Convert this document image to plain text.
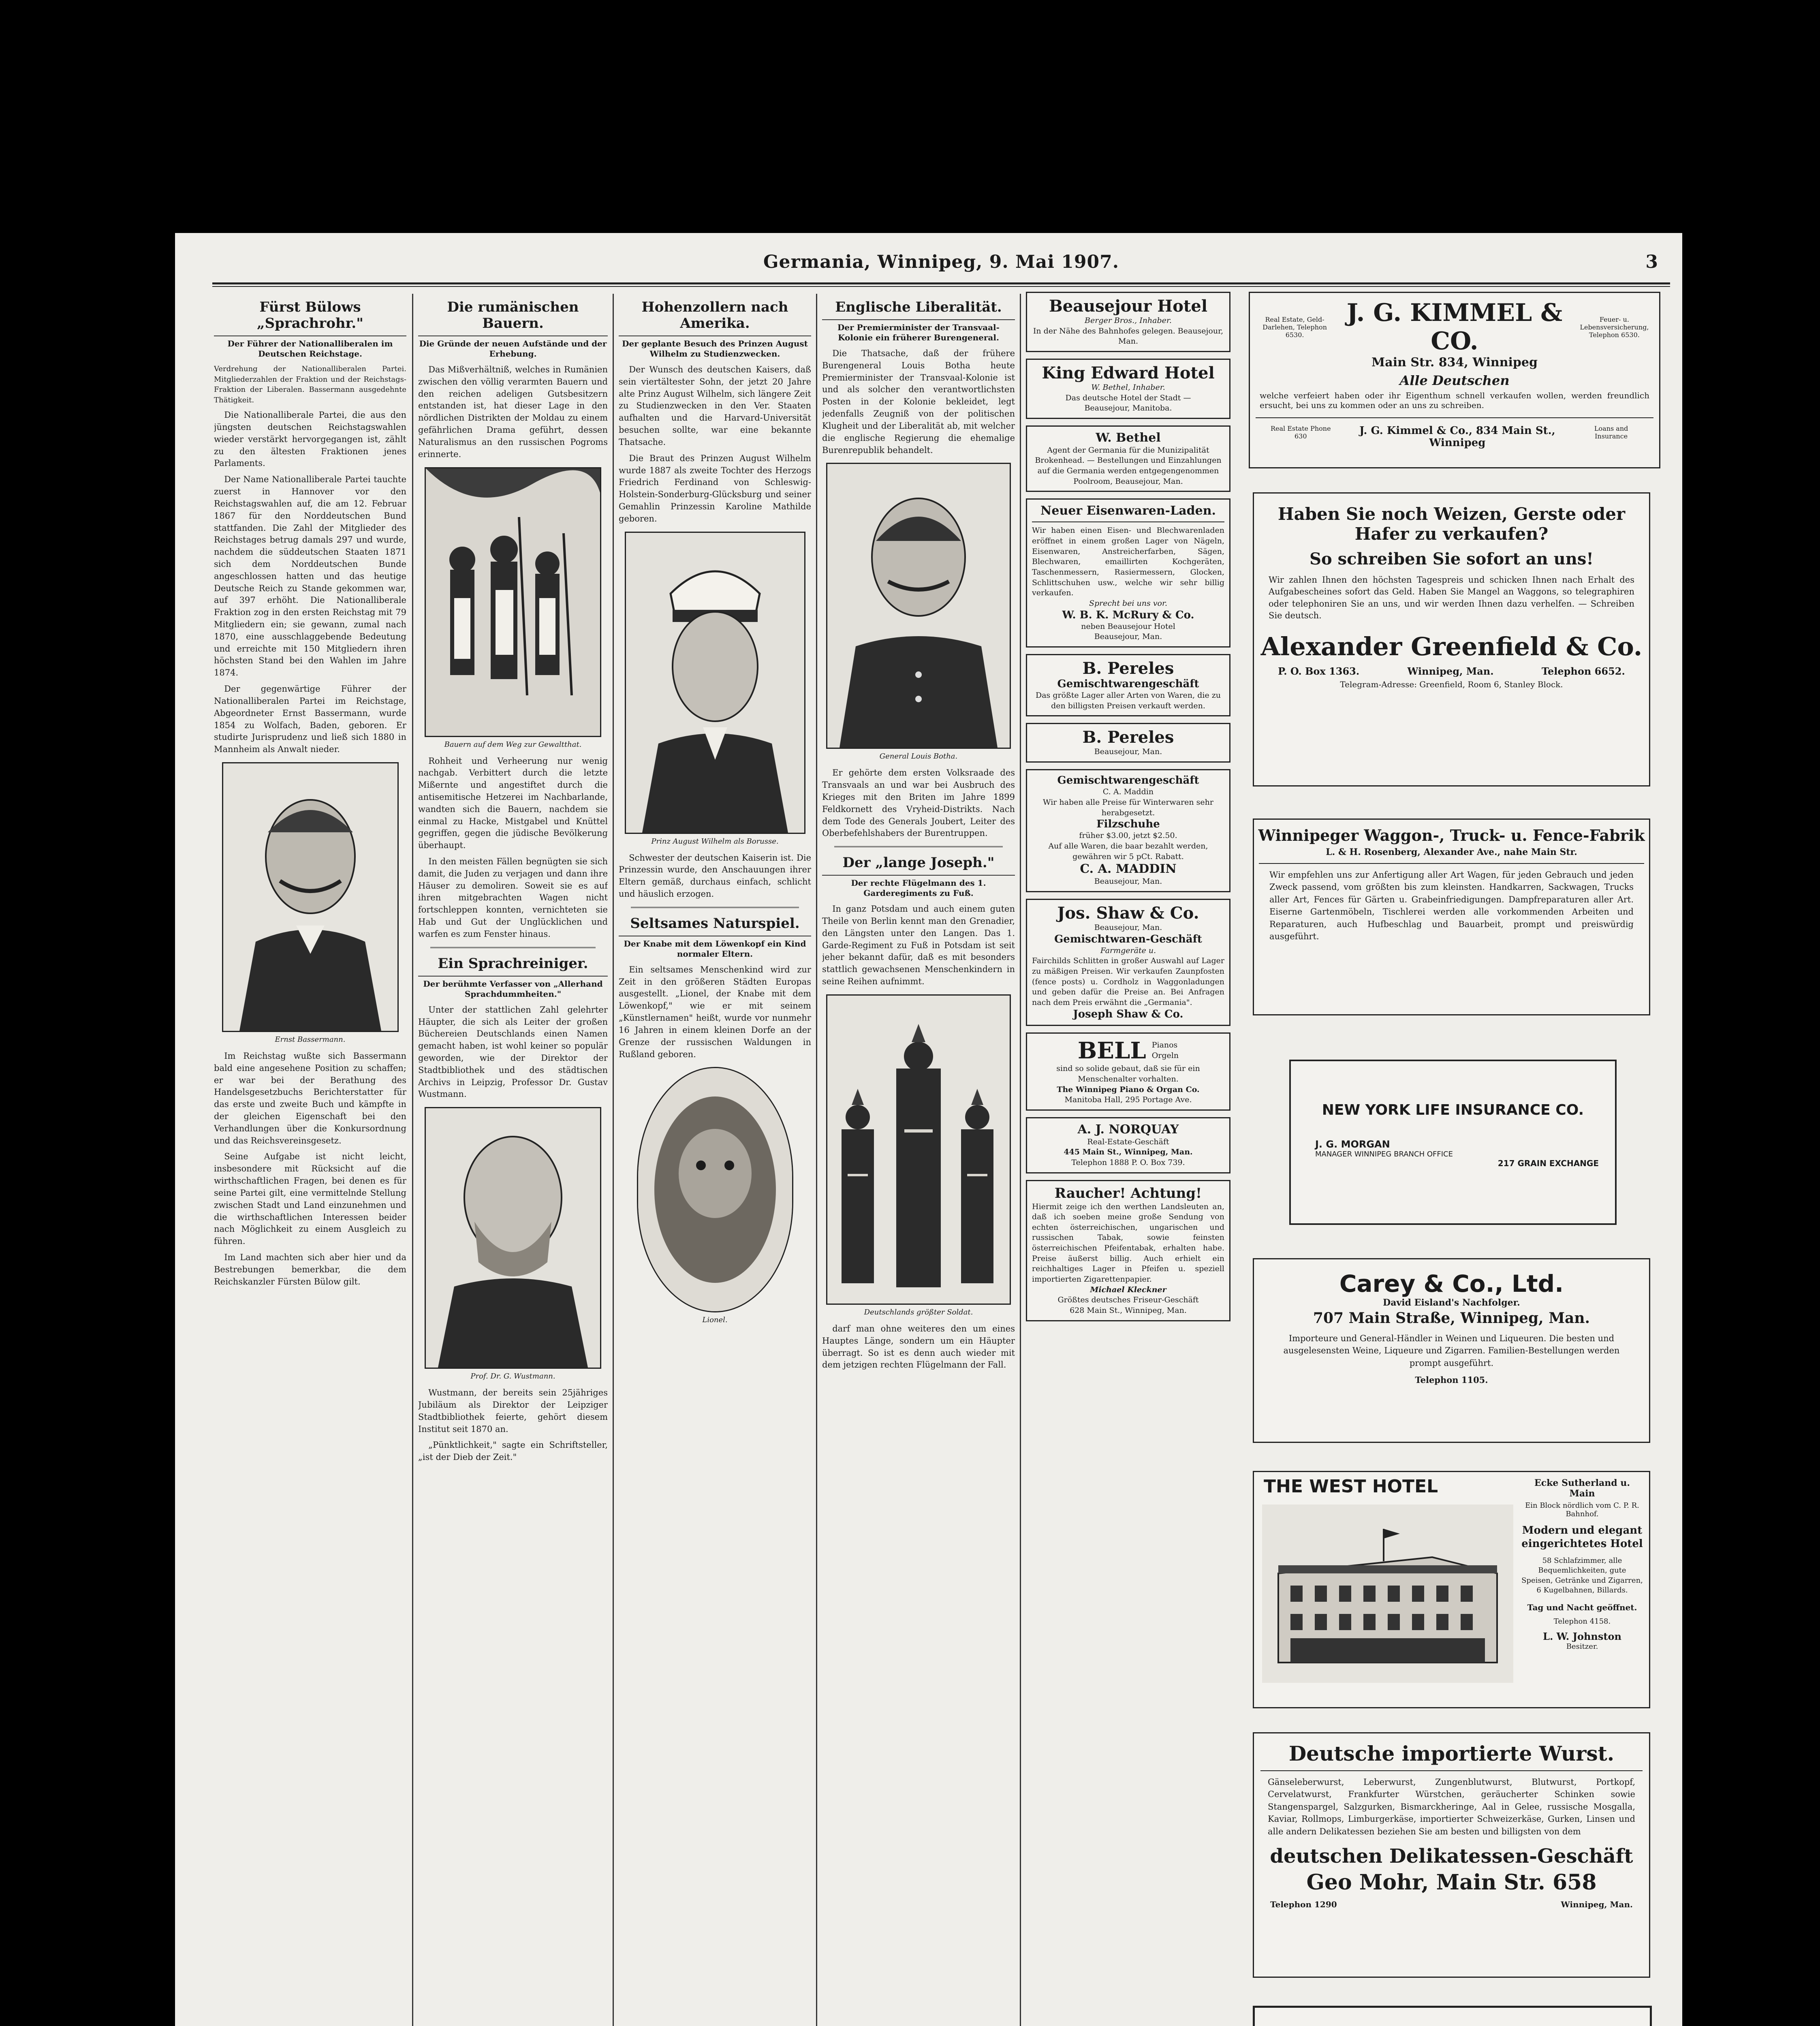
Germania, Winnipeg, 9. Mai 1907.	3
Fürst Bülows „Sprachrohr."
Der Führer der Nationalliberalen im Deutschen Reichstage.

Verdrehung der Nationalliberalen Partei. Mitgliederzahlen der Fraktion und der Reichstags-Fraktion der Liberalen. Bassermann ausgedehnte Thätigkeit.

Die Nationalliberale Partei, die aus den jüngsten deutschen Reichstagswahlen wieder verstärkt hervorgegangen ist, zählt zu den ältesten Fraktionen jenes Parlaments.

Der Name Nationalliberale Partei tauchte zuerst in Hannover vor den Reichstagswahlen auf, die am 12. Februar 1867 für den Norddeutschen Bund stattfanden. Die Zahl der Mitglieder des Reichstages betrug damals 297 und wurde, nachdem die süddeutschen Staaten 1871 sich dem Norddeutschen Bunde angeschlossen hatten und das heutige Deutsche Reich zu Stande gekommen war, auf 397 erhöht. Die Nationalliberale Fraktion zog in den ersten Reichstag mit 79 Mitgliedern ein; sie gewann, zumal nach 1870, eine ausschlaggebende Bedeutung und erreichte mit 150 Mitgliedern ihren höchsten Stand bei den Wahlen im Jahre 1874.

Der gegenwärtige Führer der Nationalliberalen Partei im Reichstage, Abgeordneter Ernst Bassermann, wurde 1854 zu Wolfach, Baden, geboren. Er studirte Jurisprudenz und ließ sich 1880 in Mannheim als Anwalt nieder.

Ernst Bassermann.

Im Reichstag wußte sich Bassermann bald eine angesehene Position zu schaffen; er war bei der Berathung des Handelsgesetzbuchs Berichterstatter für das erste und zweite Buch und kämpfte in der gleichen Eigenschaft bei den Verhandlungen über die Konkursordnung und das Reichsvereinsgesetz.

Seine Aufgabe ist nicht leicht, insbesondere mit Rücksicht auf die wirthschaftlichen Fragen, bei denen es für seine Partei gilt, eine vermittelnde Stellung zwischen Stadt und Land einzunehmen und die wirthschaftlichen Interessen beider nach Möglichkeit zu einem Ausgleich zu führen.

Im Land machten sich aber hier und da Bestrebungen bemerkbar, die dem Reichskanzler Fürsten Bülow gilt.

Die rumänischen Bauern.
Die Gründe der neuen Aufstände und der Erhebung.

Das Mißverhältniß, welches in Rumänien zwischen den völlig verarmten Bauern und den reichen adeligen Gutsbesitzern entstanden ist, hat dieser Lage in den nördlichen Distrikten der Moldau zu einem gefährlichen Drama geführt, dessen Naturalismus an den russischen Pogroms erinnerte.

Bauern auf dem Weg zur Gewaltthat.

Rohheit und Verheerung nur wenig nachgab. Verbittert durch die letzte Mißernte und angestiftet durch die antisemitische Hetzerei im Nachbarlande, wandten sich die Bauern, nachdem sie einmal zu Hacke, Mistgabel und Knüttel gegriffen, gegen die jüdische Bevölkerung überhaupt.

In den meisten Fällen begnügten sie sich damit, die Juden zu verjagen und dann ihre Häuser zu demoliren. Soweit sie es auf ihren mitgebrachten Wagen nicht fortschleppen konnten, vernichteten sie Hab und Gut der Unglücklichen und warfen es zum Fenster hinaus.

Ein Sprachreiniger.
Der berühmte Verfasser von „Allerhand Sprachdummheiten."

Unter der stattlichen Zahl gelehrter Häupter, die sich als Leiter der großen Büchereien Deutschlands einen Namen gemacht haben, ist wohl keiner so populär geworden, wie der Direktor der Stadtbibliothek und des städtischen Archivs in Leipzig, Professor Dr. Gustav Wustmann.

Prof. Dr. G. Wustmann.

Wustmann, der bereits sein 25jähriges Jubiläum als Direktor der Leipziger Stadtbibliothek feierte, gehört diesem Institut seit 1870 an.

„Pünktlichkeit," sagte ein Schriftsteller, „ist der Dieb der Zeit."

Hohenzollern nach Amerika.
Der geplante Besuch des Prinzen August Wilhelm zu Studienzwecken.

Der Wunsch des deutschen Kaisers, daß sein viertältester Sohn, der jetzt 20 Jahre alte Prinz August Wilhelm, sich längere Zeit zu Studienzwecken in den Ver. Staaten aufhalten und die Harvard-Universität besuchen sollte, war eine bekannte Thatsache.

Die Braut des Prinzen August Wilhelm wurde 1887 als zweite Tochter des Herzogs Friedrich Ferdinand von Schleswig-Holstein-Sonderburg-Glücksburg und seiner Gemahlin Prinzessin Karoline Mathilde geboren.

Prinz August Wilhelm als Borusse.

Schwester der deutschen Kaiserin ist. Die Prinzessin wurde, den Anschauungen ihrer Eltern gemäß, durchaus einfach, schlicht und häuslich erzogen.

Seltsames Naturspiel.
Der Knabe mit dem Löwenkopf ein Kind normaler Eltern.

Ein seltsames Menschenkind wird zur Zeit in den größeren Städten Europas ausgestellt. „Lionel, der Knabe mit dem Löwenkopf," wie er mit seinem „Künstlernamen" heißt, wurde vor nunmehr 16 Jahren in einem kleinen Dorfe an der Grenze der russischen Waldungen in Rußland geboren.

Lionel.
Englische Liberalität.
Der Premierminister der Transvaal-Kolonie ein früherer Burengeneral.

Die Thatsache, daß der frühere Burengeneral Louis Botha heute Premierminister der Transvaal-Kolonie ist und als solcher den verantwortlichsten Posten in der Kolonie bekleidet, legt jedenfalls Zeugniß von der politischen Klugheit und der Liberalität ab, mit welcher die englische Regierung die ehemalige Burenrepublik behandelt.

General Louis Botha.

Er gehörte dem ersten Volksraade des Transvaals an und war bei Ausbruch des Krieges mit den Briten im Jahre 1899 Feldkornett des Vryheid-Distrikts. Nach dem Tode des Generals Joubert, Leiter des Oberbefehlshabers der Burentruppen.

Der „lange Joseph."
Der rechte Flügelmann des 1. Garderegiments zu Fuß.

In ganz Potsdam und auch einem guten Theile von Berlin kennt man den Grenadier, den Längsten unter den Langen. Das 1. Garde-Regiment zu Fuß in Potsdam ist seit jeher bekannt dafür, daß es mit besonders stattlich gewachsenen Menschenkindern in seine Reihen aufnimmt.

Deutschlands größter Soldat.

darf man ohne weiteres den um eines Hauptes Länge, sondern um ein Häupter überragt. So ist es denn auch wieder mit dem jetzigen rechten Flügelmann der Fall.

Beausejour Hotel
Berger Bros., Inhaber.
In der Nähe des Bahnhofes gelegen. Beausejour, Man.
King Edward Hotel
W. Bethel, Inhaber.
Das deutsche Hotel der Stadt —
Beausejour, Manitoba.
W. Bethel
Agent der Germania für die Munizipalität Brokenhead. — Bestellungen und Einzahlungen auf die Germania werden entgegengenommen
Poolroom, Beausejour, Man.
Neuer Eisenwaren-Laden.
Wir haben einen Eisen- und Blechwarenladen eröffnet in einem großen Lager von Nägeln, Eisenwaren, Anstreicherfarben, Sägen, Blechwaren, emaillirten Kochgeräten, Taschenmessern, Rasiermessern, Glocken, Schlittschuhen usw., welche wir sehr billig verkaufen.
Sprecht bei uns vor.
W. B. K. McRury & Co.
neben Beausejour Hotel
Beausejour, Man.
B. Pereles
Gemischtwarengeschäft
Das größte Lager aller Arten von Waren, die zu den billigsten Preisen verkauft werden.
B. Pereles
Beausejour, Man.
Gemischtwarengeschäft
C. A. Maddin
Wir haben alle Preise für Winterwaren sehr herabgesetzt.
Filzschuhe
früher $3.00, jetzt $2.50.
Auf alle Waren, die baar bezahlt werden, gewähren wir 5 pCt. Rabatt.
C. A. MADDIN
Beausejour, Man.
Jos. Shaw & Co.
Beausejour, Man.
Gemischtwaren-Geschäft
Farmgeräte u.
Fairchilds Schlitten in großer Auswahl auf Lager zu mäßigen Preisen. Wir verkaufen Zaunpfosten (fence posts) u. Cordholz in Waggonladungen und geben dafür die Preise an. Bei Anfragen nach dem Preis erwähnt die „Germania".
Joseph Shaw & Co.
BELL Pianos
Orgeln
sind so solide gebaut, daß sie für ein Menschenalter vorhalten.
The Winnipeg Piano & Organ Co.
Manitoba Hall, 295 Portage Ave.
A. J. NORQUAY
Real-Estate-Geschäft
445 Main St., Winnipeg, Man.
Telephon 1888 P. O. Box 739.
Raucher! Achtung!
Hiermit zeige ich den werthen Landsleuten an, daß ich soeben meine große Sendung von echten österreichischen, ungarischen und russischen Tabak, sowie feinsten österreichischen Pfeifentabak, erhalten habe. Preise äußerst billig. Auch erhielt ein reichhaltiges Lager in Pfeifen u. speziell importierten Zigarettenpapier.
Michael Kleckner
Größtes deutsches Friseur-Geschäft
628 Main St., Winnipeg, Man.
Real Estate, Geld-Darlehen, Telephon 6530.
J. G. KIMMEL & CO.
Feuer- u. Lebensversicherung, Telephon 6530.
Main Str. 834, Winnipeg
Alle Deutschen
welche verfeiert haben oder ihr Eigenthum schnell verkaufen wollen, werden freundlich ersucht, bei uns zu kommen oder an uns zu schreiben.
Real Estate Phone 630	J. G. Kimmel & Co., 834 Main St., Winnipeg
Loans and Insurance
Haben Sie noch Weizen, Gerste oder
Hafer zu verkaufen?
So schreiben Sie sofort an uns!
Wir zahlen Ihnen den höchsten Tagespreis und schicken Ihnen nach Erhalt des Aufgabescheines sofort das Geld. Haben Sie Mangel an Waggons, so telegraphiren oder telephoniren Sie an uns, und wir werden Ihnen dazu verhelfen. — Schreiben Sie deutsch.
Alexander Greenfield & Co.
P. O. Box 1363.	Winnipeg, Man.	Telephon 6652.
Telegram-Adresse: Greenfield, Room 6, Stanley Block.
Winnipeger Waggon-, Truck- u. Fence-Fabrik
L. & H. Rosenberg, Alexander Ave., nahe Main Str.
Wir empfehlen uns zur Anfertigung aller Art Wagen, für jeden Gebrauch und jeden Zweck passend, vom größten bis zum kleinsten. Handkarren, Sackwagen, Trucks aller Art, Fences für Gärten u. Grabeinfriedigungen. Dampfreparaturen aller Art. Eiserne Gartenmöbeln, Tischlerei werden alle vorkommenden Arbeiten und Reparaturen, auch Hufbeschlag und Bauarbeit, prompt und preiswürdig ausgeführt.
NEW YORK LIFE INSURANCE CO.
J. G. MORGAN
MANAGER WINNIPEG BRANCH OFFICE
217 GRAIN EXCHANGE
Carey & Co., Ltd.
David Eisland's Nachfolger.
707 Main Straße, Winnipeg, Man.
Importeure und General-Händler in Weinen und Liqueuren. Die besten und ausgelesensten Weine, Liqueure und Zigarren. Familien-Bestellungen werden prompt ausgeführt.
Telephon 1105.
THE WEST HOTEL	Ecke Sutherland u. Main
Ein Block nördlich vom C. P. R. Bahnhof.
Modern und elegant eingerichtetes Hotel
58 Schlafzimmer, alle Bequemlichkeiten, gute Speisen, Getränke und Zigarren, 6 Kugelbahnen, Billards.
Tag und Nacht geöffnet.
Telephon 4158.
L. W. Johnston
Besitzer.
Deutsche importierte Wurst.
Gänseleberwurst, Leberwurst, Zungenblutwurst, Blutwurst, Portkopf, Cervelatwurst, Frankfurter Würstchen, geräucherter Schinken sowie Stangenspargel, Salzgurken, Bismarckheringe, Aal in Gelee, russische Mosgalla, Kaviar, Rollmops, Limburgerkäse, importierter Schweizerkäse, Gurken, Linsen und alle andern Delikatessen beziehen Sie am besten und billigsten von dem
deutschen Delikatessen-Geschäft
Geo Mohr, Main Str. 658
Telephon 1290	Winnipeg, Man.
